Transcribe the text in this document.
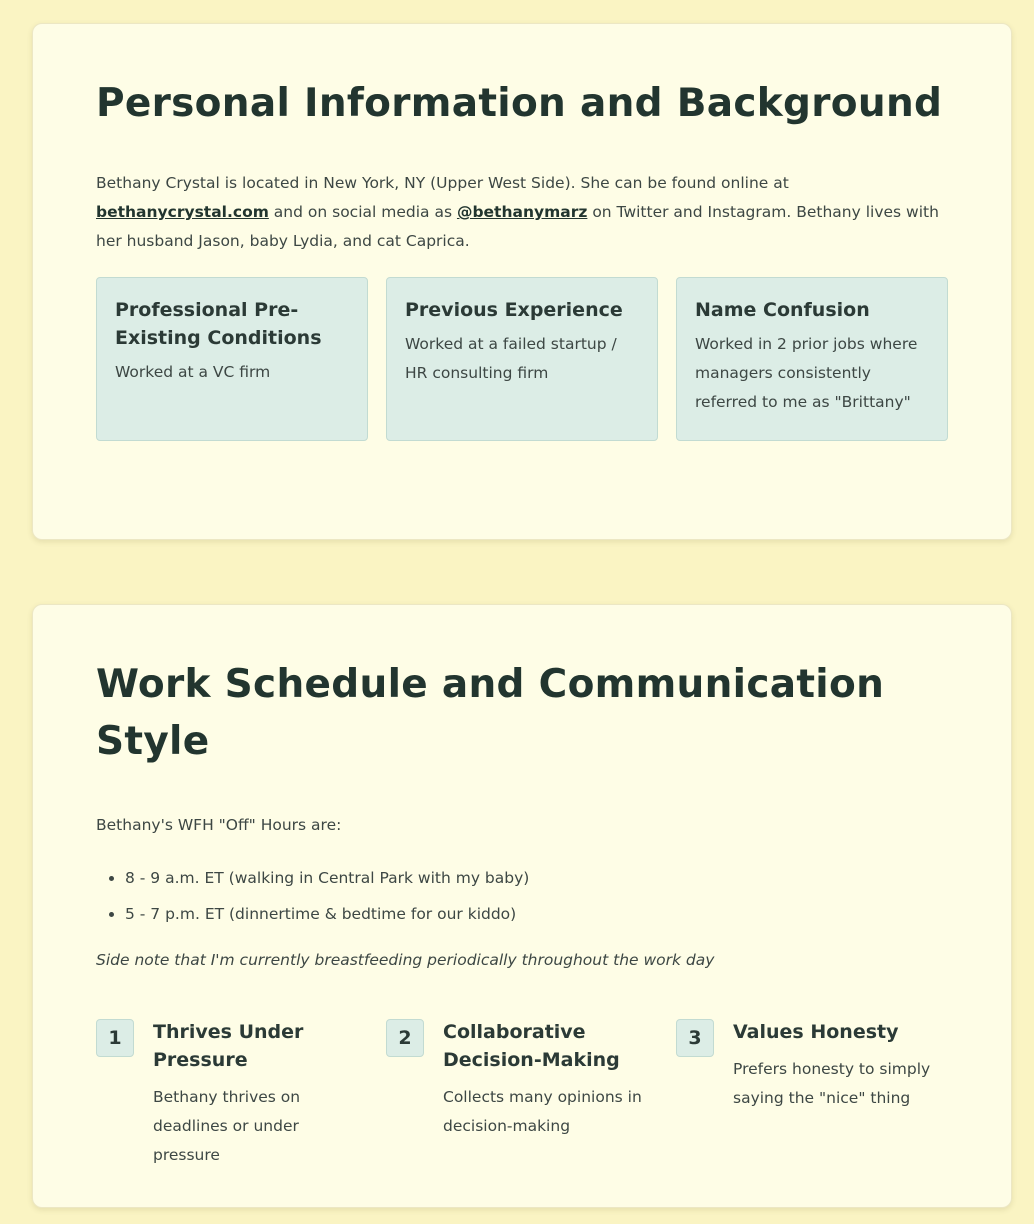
Personal Information and Background

Bethany Crystal is located in New York, NY (Upper West Side). She can be found online at bethanycrystal.com and on social media as @bethanymarz on Twitter and Instagram. Bethany lives with her husband Jason, baby Lydia, and cat Caprica.

Professional Pre-Existing Conditions

Worked at a VC firm

Previous Experience

Worked at a failed startup / HR consulting firm

Name Confusion

Worked in 2 prior jobs where managers consistently referred to me as "Brittany"

Work Schedule and Communication Style

Bethany's WFH "Off" Hours are:

• 8 - 9 a.m. ET (walking in Central Park with my baby)
• 5 - 7 p.m. ET (dinnertime & bedtime for our kiddo)

Side note that I'm currently breastfeeding periodically throughout the work day

1	Thrives Under Pressure

Bethany thrives on deadlines or under pressure

2	Collaborative Decision-Making

Collects many opinions in decision-making

3	Values Honesty

Prefers honesty to simply saying the "nice" thing
